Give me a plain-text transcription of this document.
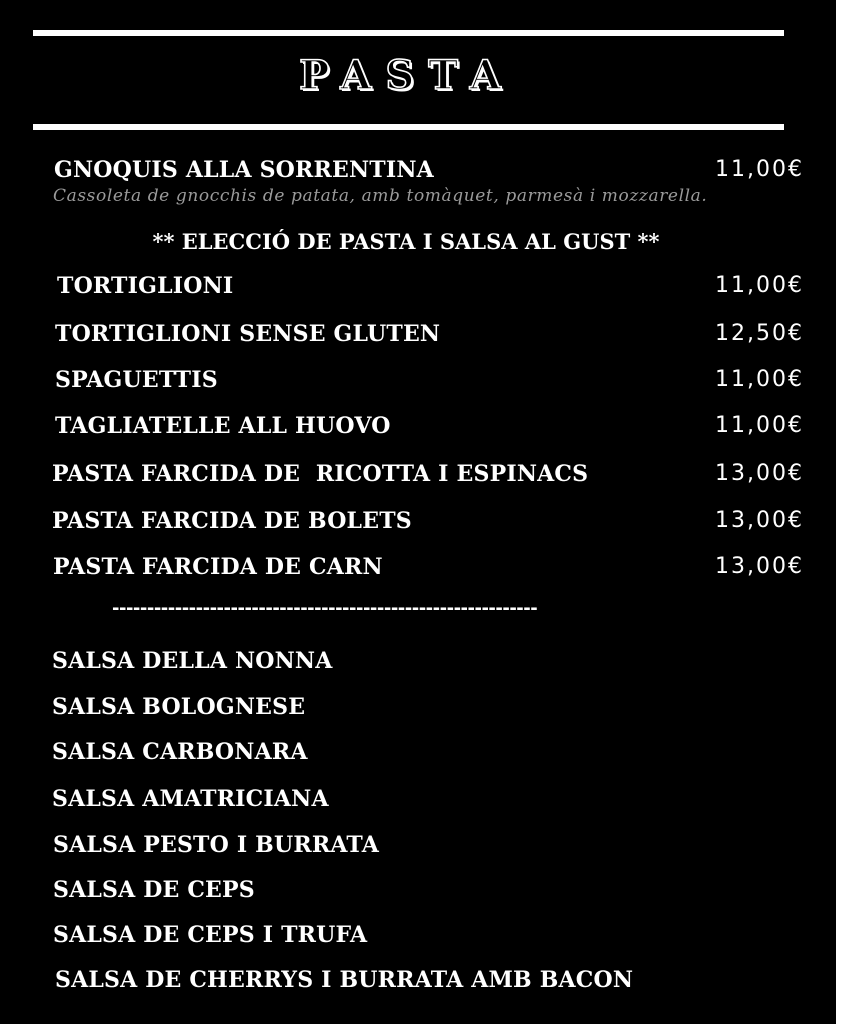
PASTA
GNOQUIS ALLA SORRENTINA	11,00€
Cassoleta de gnocchis de patata, amb tomàquet, parmesà i mozzarella.
** ELECCIÓ DE PASTA I SALSA AL GUST **
TORTIGLIONI	11,00€
TORTIGLIONI SENSE GLUTEN	12,50€
SPAGUETTIS	11,00€
TAGLIATELLE ALL HUOVO	11,00€
PASTA FARCIDA DE  RICOTTA I ESPINACS	13,00€
PASTA FARCIDA DE BOLETS	13,00€
PASTA FARCIDA DE CARN	13,00€
-------------------------------------------------------------
SALSA DELLA NONNA
SALSA BOLOGNESE
SALSA CARBONARA
SALSA AMATRICIANA
SALSA PESTO I BURRATA
SALSA DE CEPS
SALSA DE CEPS I TRUFA
SALSA DE CHERRYS I BURRATA AMB BACON
